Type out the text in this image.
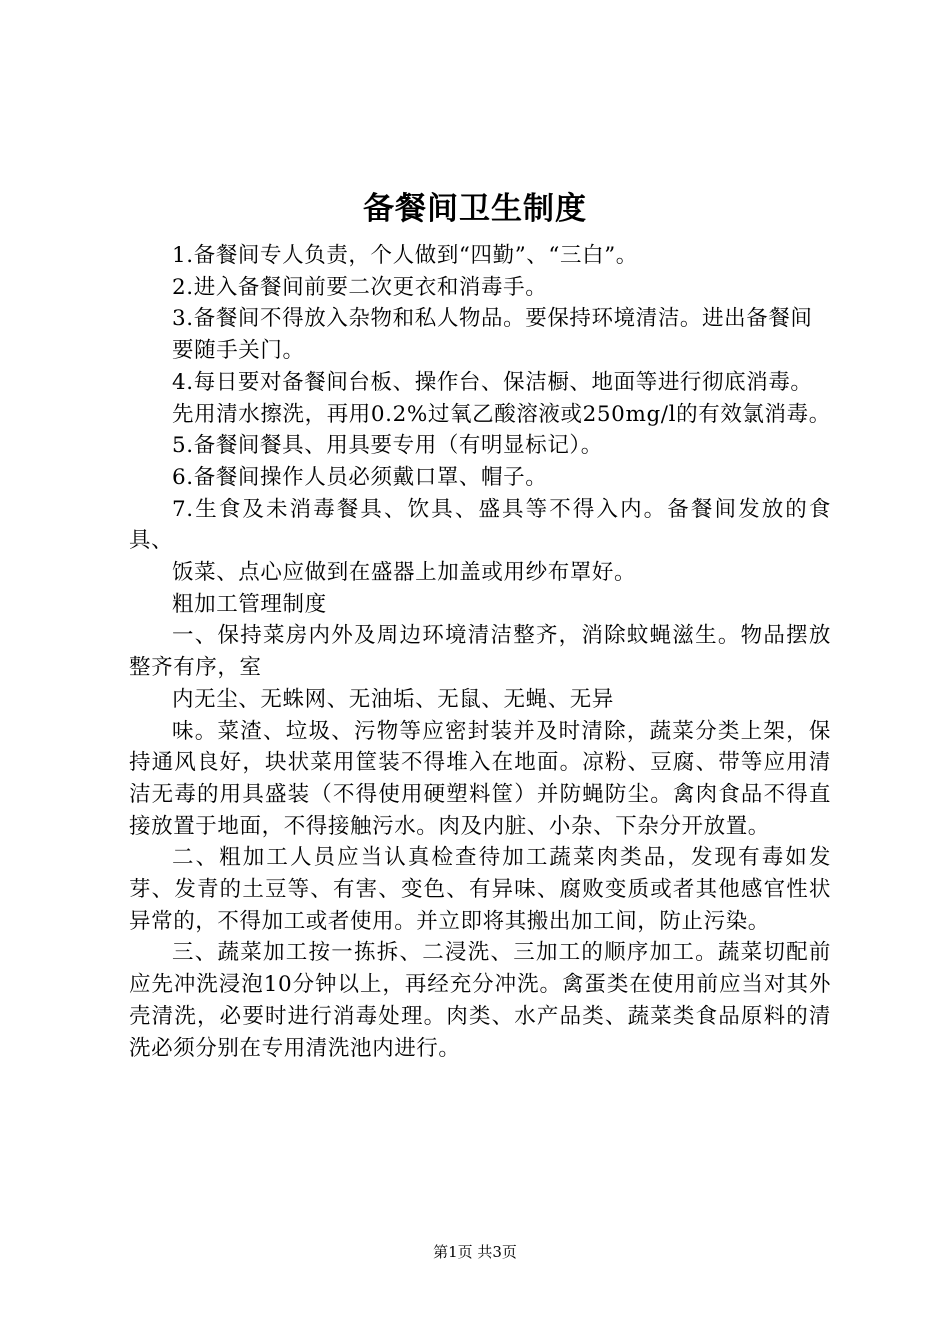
备餐间卫生制度

1.备餐间专人负责，个人做到“四勤”、“三白”。

2.进入备餐间前要二次更衣和消毒手。

3.备餐间不得放入杂物和私人物品。要保持环境清洁。进出备餐间

要随手关门。

4.每日要对备餐间台板、操作台、保洁橱、地面等进行彻底消毒。

先用清水擦洗，再用0.2%过氧乙酸溶液或250mg/l的有效氯消毒。

5.备餐间餐具、用具要专用（有明显标记）。

6.备餐间操作人员必须戴口罩、帽子。

7.生食及未消毒餐具、饮具、盛具等不得入内。备餐间发放的食具、

饭菜、点心应做到在盛器上加盖或用纱布罩好。

粗加工管理制度

一、保持菜房内外及周边环境清洁整齐，消除蚊蝇滋生。物品摆放整齐有序，室

内无尘、无蛛网、无油垢、无鼠、无蝇、无异

味。菜渣、垃圾、污物等应密封装并及时清除，蔬菜分类上架，保持通风良好，块状菜用筐装不得堆入在地面。凉粉、豆腐、带等应用清洁无毒的用具盛装（不得使用硬塑料筐）并防蝇防尘。禽肉食品不得直接放置于地面，不得接触污水。肉及内脏、小杂、下杂分开放置。

二、粗加工人员应当认真检查待加工蔬菜肉类品，发现有毒如发芽、发青的土豆等、有害、变色、有异味、腐败变质或者其他感官性状异常的，不得加工或者使用。并立即将其搬出加工间，防止污染。

三、蔬菜加工按一拣拆、二浸洗、三加工的顺序加工。蔬菜切配前应先冲洗浸泡10分钟以上，再经充分冲洗。禽蛋类在使用前应当对其外壳清洗，必要时进行消毒处理。肉类、水产品类、蔬菜类食品原料的清洗必须分别在专用清洗池内进行。

第1页 共3页
